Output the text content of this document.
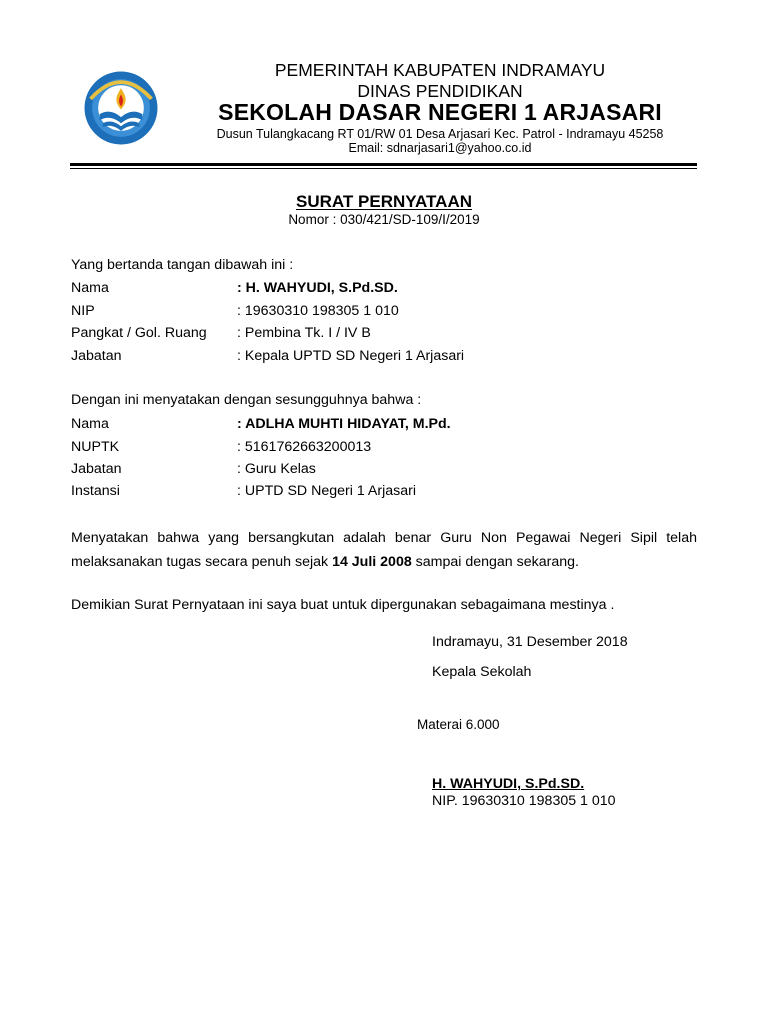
PEMERINTAH KABUPATEN INDRAMAYU
DINAS PENDIDIKAN
SEKOLAH DASAR NEGERI 1 ARJASARI
Dusun Tulangkacang RT 01/RW 01 Desa Arjasari Kec. Patrol - Indramayu 45258
Email: sdnarjasari1@yahoo.co.id
SURAT PERNYATAAN
Nomor : 030/421/SD-109/I/2019
Yang bertanda tangan dibawah ini :
Nama	: H. WAHYUDI, S.Pd.SD.
NIP	: 19630310 198305 1 010
Pangkat / Gol. Ruang : Pembina Tk. I / IV B
Jabatan	: Kepala UPTD SD Negeri 1 Arjasari
Dengan ini menyatakan dengan sesungguhnya bahwa :
Nama	: ADLHA MUHTI HIDAYAT, M.Pd.
NUPTK	: 5161762663200013
Jabatan	: Guru Kelas
Instansi	: UPTD SD Negeri 1 Arjasari
Menyatakan bahwa yang bersangkutan adalah benar Guru Non Pegawai Negeri Sipil telah melaksanakan tugas secara penuh sejak 14 Juli 2008 sampai dengan sekarang.
Demikian Surat Pernyataan ini saya buat untuk dipergunakan sebagaimana mestinya .
Indramayu, 31 Desember 2018
Kepala Sekolah
Materai 6.000
H. WAHYUDI, S.Pd.SD.
NIP. 19630310 198305 1 010
